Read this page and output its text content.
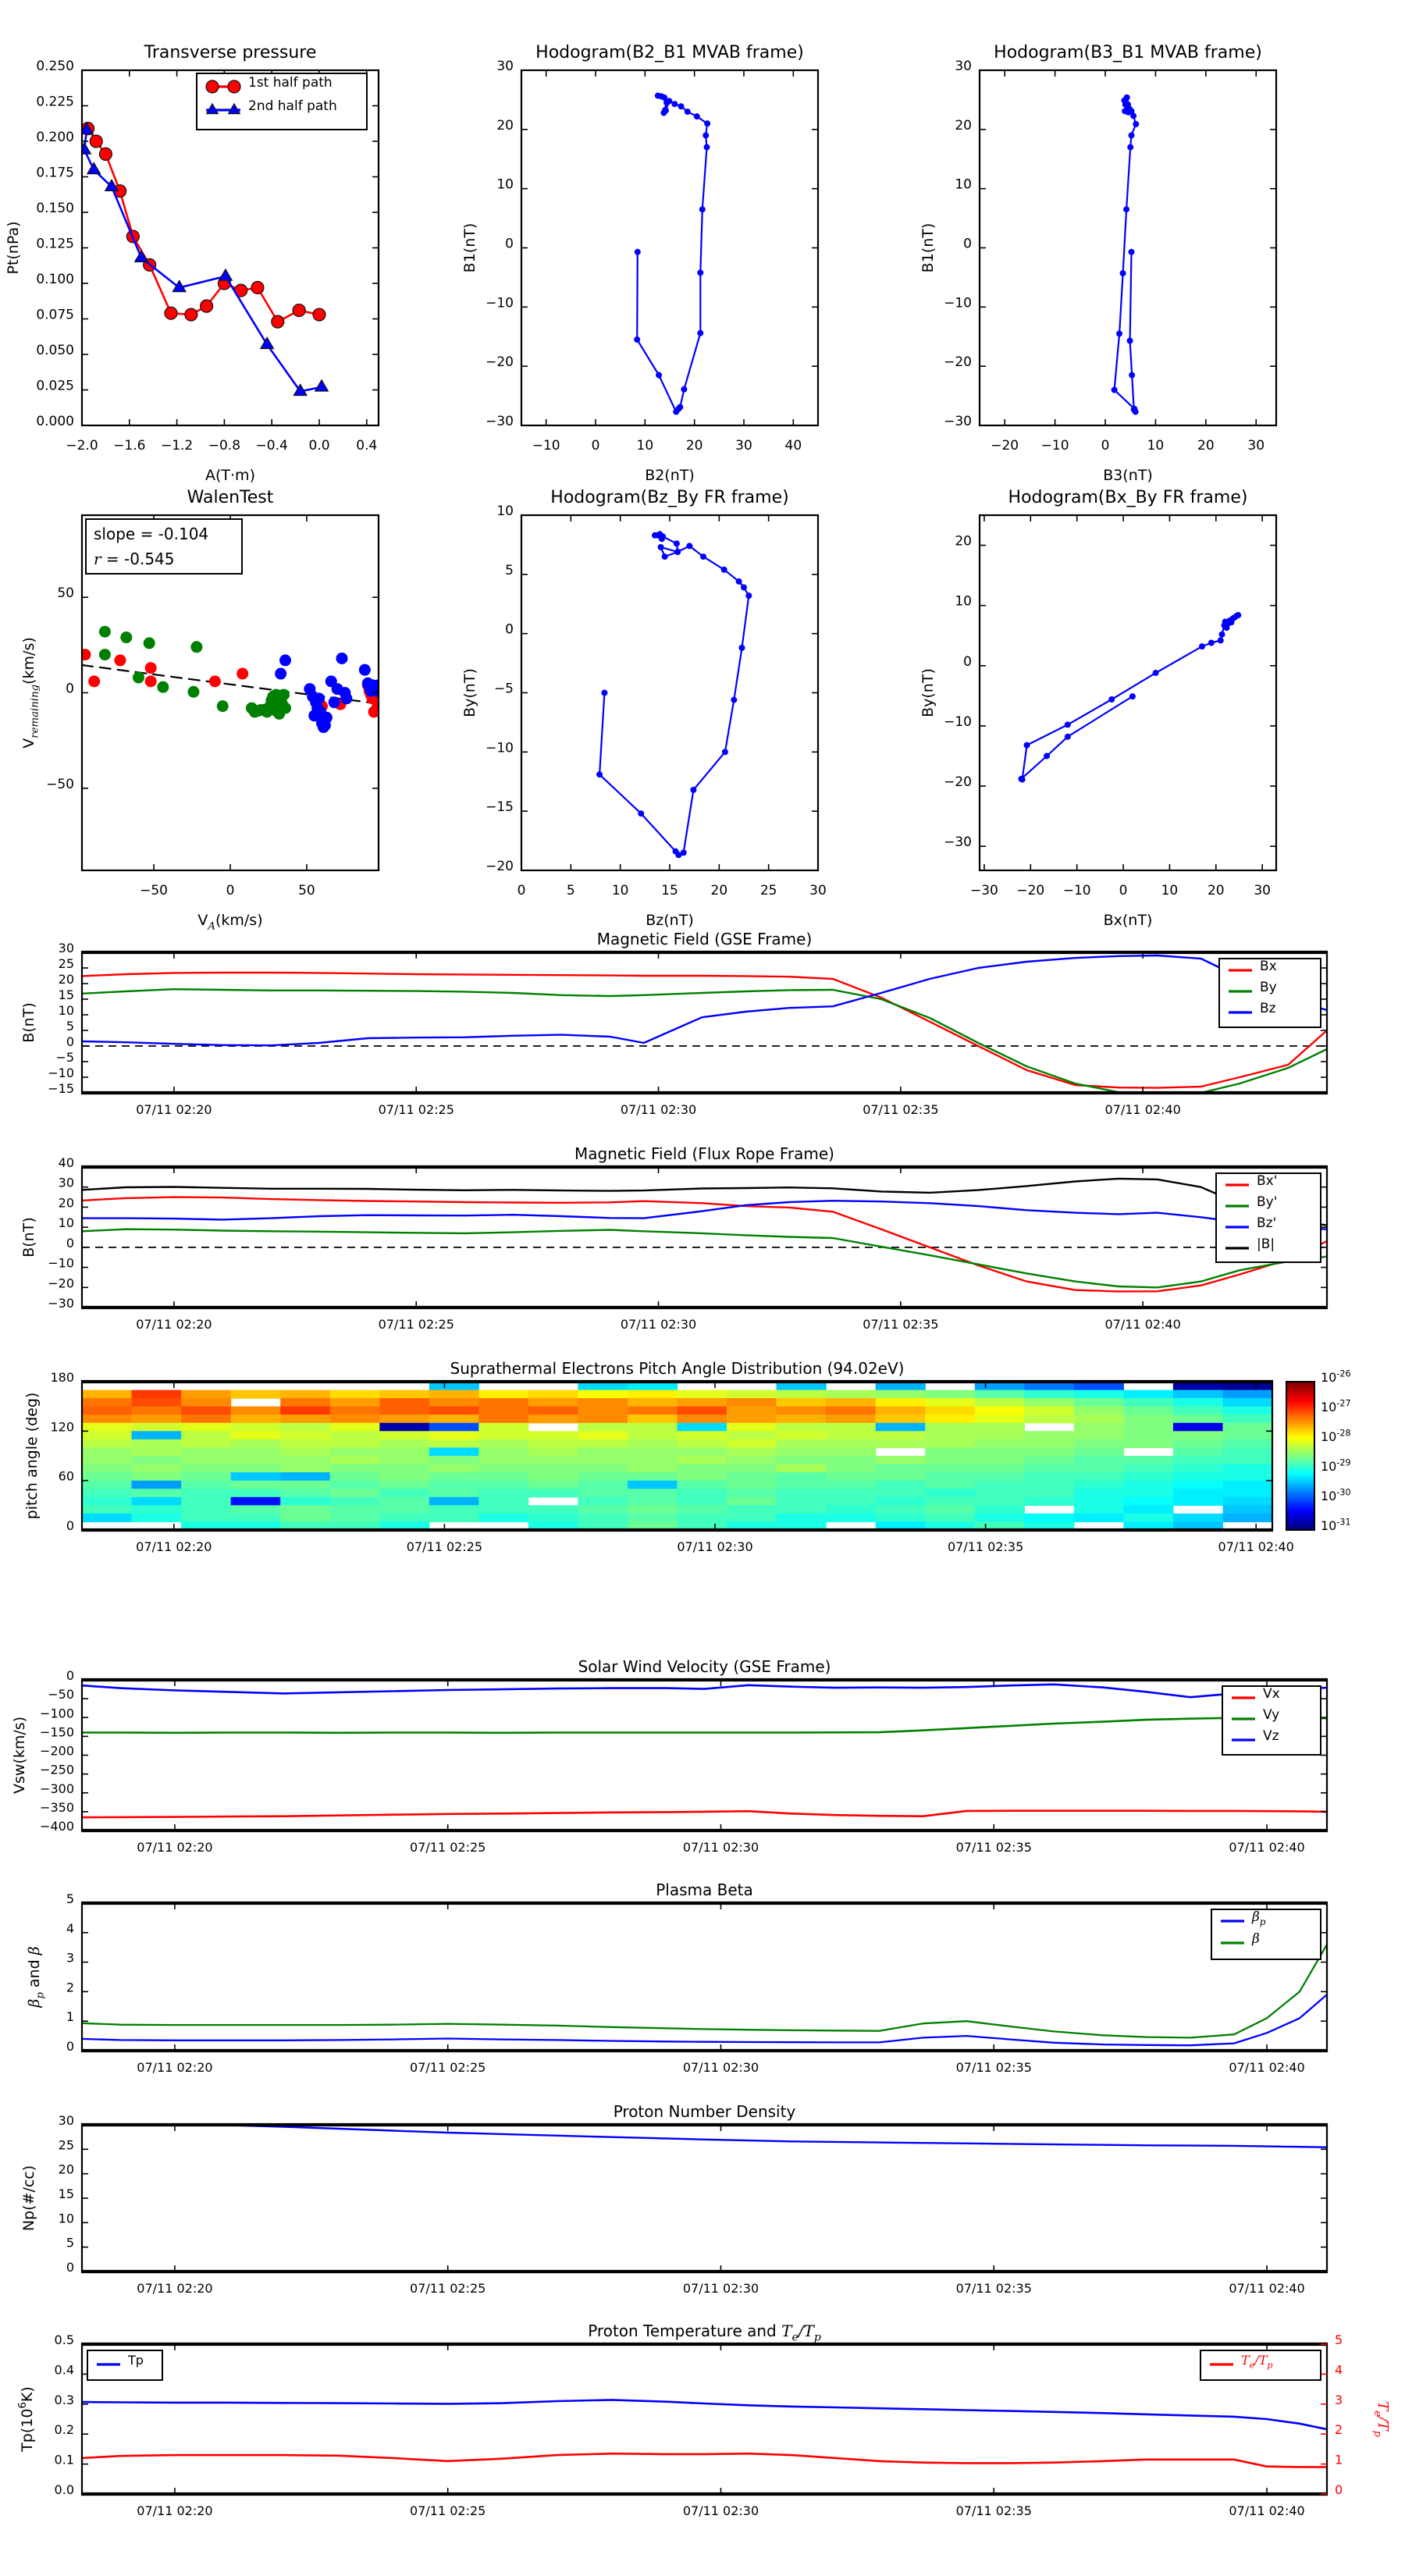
−2.0 −1.6 −1.2 −0.8 −0.4 0.0 0.4
0.000
0.025
0.050
0.075
0.100
0.125
0.150
0.175
0.200
0.225
0.250
Transverse pressure
A(T·m)
Pt(nPa)
1st half path
2nd half path
−10 0	10 20 30 40
−30
−20
−10
0
10
20
30
Hodogram(B2_B1 MVAB frame)
B2(nT)
B1(nT)
−20 −10 0	10	20	30
−30
−20
−10
0
10
20
30
Hodogram(B3_B1 MVAB frame)
B3(nT)
B1(nT)
−50	0	50
−50
0
50
WalenTest
$V_A(km/s)$
$V_{remaining}(km/s)$
slope = -0.104
r = -0.545
0	5	10 15 20 25 30
−20
−15
−10
−5
0
5
10
Hodogram(Bz_By FR frame)
Bz(nT)
By(nT)
−30 −20 −10 0	10 20 30
−30
−20
−10
0
10
20
Hodogram(Bx_By FR frame)
Bx(nT)
By(nT)
07/11 02:20	07/11 02:25	07/11 02:30	07/11 02:35	07/11 02:40
−15
−10
−5
0
5
10
15
20
25
30	Magnetic Field (GSE Frame)
B(nT)
Bx
By
Bz
07/11 02:20	07/11 02:25	07/11 02:30	07/11 02:35	07/11 02:40
−30
−20
−10
0
10
20
30
40	Magnetic Field (Flux Rope Frame)
B(nT)
Bx'
By'
Bz'
|B|
07/11 02:20	07/11 02:25	07/11 02:30	07/11 02:35	07/11 02:40
0
60
120
180	Suprathermal Electrons Pitch Angle Distribution (94.02eV)
pitch angle (deg)
$10^{-26}$
$10^{-27}$
$10^{-28}$
$10^{-29}$
$10^{-30}$
$10^{-31}$
07/11 02:20	07/11 02:25	07/11 02:30	07/11 02:35	07/11 02:40
0
−50
−100
−150
−200
−250
−300
−350
−400
Solar Wind Velocity (GSE Frame)
Vsw(km/s)
Vx
Vy
Vz
07/11 02:20	07/11 02:25	07/11 02:30	07/11 02:35	07/11 02:40
0
1
2
3
4
5	Plasma Beta
$\beta_p$ and β
$\beta_p$
β
07/11 02:20	07/11 02:25	07/11 02:30	07/11 02:35	07/11 02:40
0
5
10
15
20
25
30	Proton Number Density
Np(#/cc)
07/11 02:20	07/11 02:25	07/11 02:30	07/11 02:35	07/11 02:40
0.0
0.1
0.2
0.3
0.4
0.5
0
1
2
3
4
5
$T_e/T_p$
Proton Temperature and $T_e/T_p$
$Tp(10^6K)$
Tp	$T_e/T_p$
